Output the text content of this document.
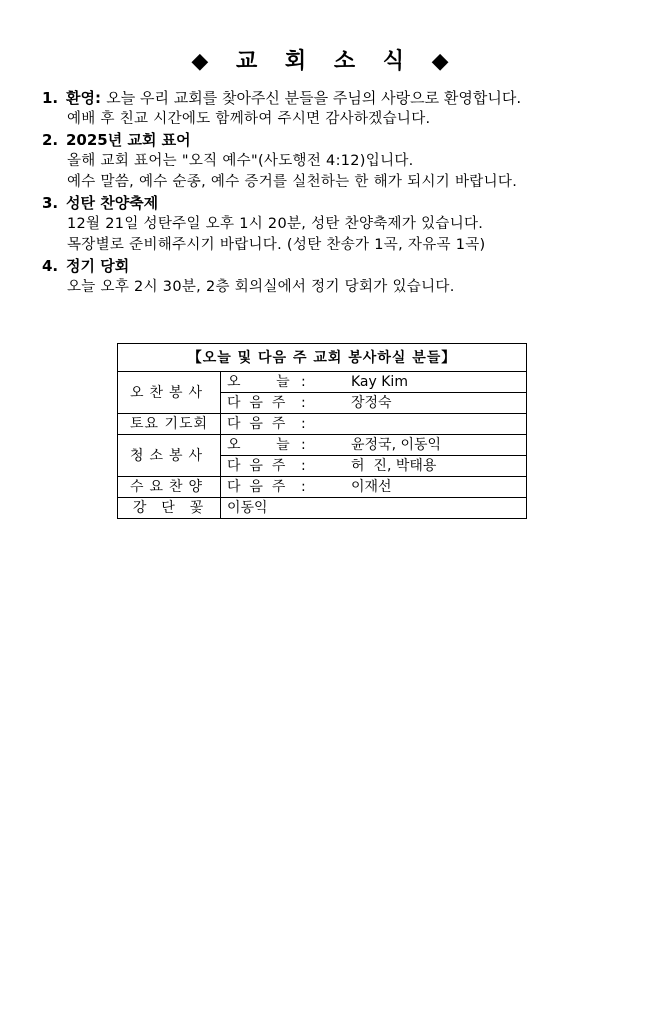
◆ 교 회 소 식 ◆
1. 환영: 오늘 우리 교회를 찾아주신 분들을 주님의 사랑으로 환영합니다.
예배 후 친교 시간에도 함께하여 주시면 감사하겠습니다.
2. 2025년 교회 표어
올해 교회 표어는 "오직 예수"(사도행전 4:12)입니다.
예수 말씀, 예수 순종, 예수 증거를 실천하는 한 해가 되시기 바랍니다.
3. 성탄 찬양축제
12월 21일 성탄주일 오후 1시 20분, 성탄 찬양축제가 있습니다.
목장별로 준비해주시기 바랍니다. (성탄 찬송가 1곡, 자유곡 1곡)
4. 정기 당회
오늘 오후 2시 30분, 2층 회의실에서 정기 당회가 있습니다.
【오늘 및 다음 주 교회 봉사하실 분들】		
오찬봉사	오        늘 :	Kay Kim
	다  음  주 :	장정숙
토요 기도회	다  음  주 :	
청소봉사	오        늘 :	윤정국, 이동익
	다  음  주 :	허  진, 박태용
수요찬양	다  음  주 :	이재선
강  단  꽃	이동익	
